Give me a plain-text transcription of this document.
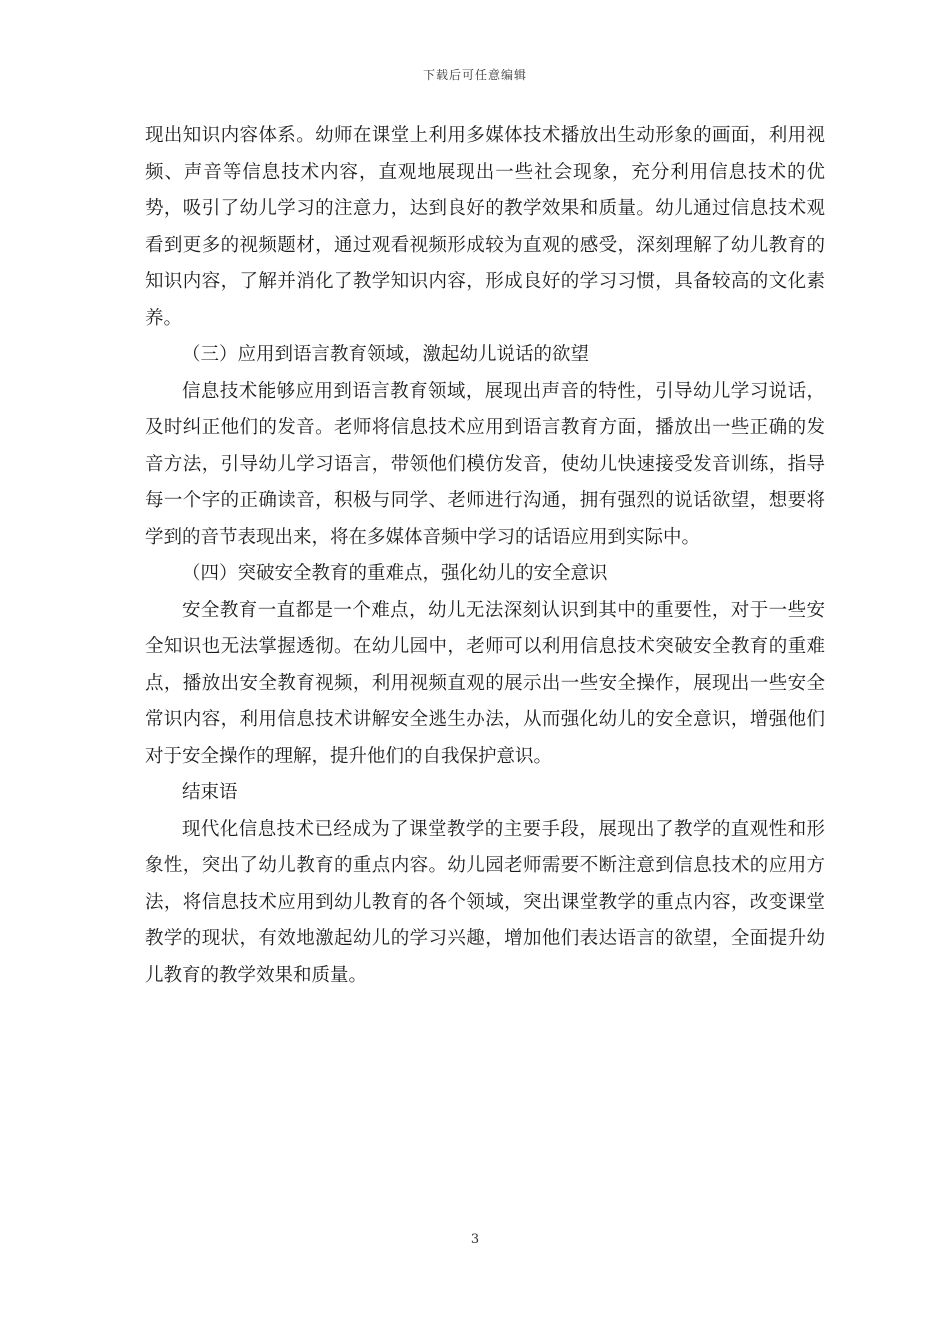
下载后可任意编辑

现出知识内容体系。幼师在课堂上利用多媒体技术播放出生动形象的画面，利用视频、声音等信息技术内容，直观地展现出一些社会现象，充分利用信息技术的优势，吸引了幼儿学习的注意力，达到良好的教学效果和质量。幼儿通过信息技术观看到更多的视频题材，通过观看视频形成较为直观的感受，深刻理解了幼儿教育的知识内容，了解并消化了教学知识内容，形成良好的学习习惯，具备较高的文化素养。

（三）应用到语言教育领域，激起幼儿说话的欲望

信息技术能够应用到语言教育领域，展现出声音的特性，引导幼儿学习说话，及时纠正他们的发音。老师将信息技术应用到语言教育方面，播放出一些正确的发音方法，引导幼儿学习语言，带领他们模仿发音，使幼儿快速接受发音训练，指导每一个字的正确读音，积极与同学、老师进行沟通，拥有强烈的说话欲望，想要将学到的音节表现出来，将在多媒体音频中学习的话语应用到实际中。

（四）突破安全教育的重难点，强化幼儿的安全意识

安全教育一直都是一个难点，幼儿无法深刻认识到其中的重要性，对于一些安全知识也无法掌握透彻。在幼儿园中，老师可以利用信息技术突破安全教育的重难点，播放出安全教育视频，利用视频直观的展示出一些安全操作，展现出一些安全常识内容，利用信息技术讲解安全逃生办法，从而强化幼儿的安全意识，增强他们对于安全操作的理解，提升他们的自我保护意识。

结束语

现代化信息技术已经成为了课堂教学的主要手段，展现出了教学的直观性和形象性，突出了幼儿教育的重点内容。幼儿园老师需要不断注意到信息技术的应用方法，将信息技术应用到幼儿教育的各个领域，突出课堂教学的重点内容，改变课堂教学的现状，有效地激起幼儿的学习兴趣，增加他们表达语言的欲望，全面提升幼儿教育的教学效果和质量。

3
